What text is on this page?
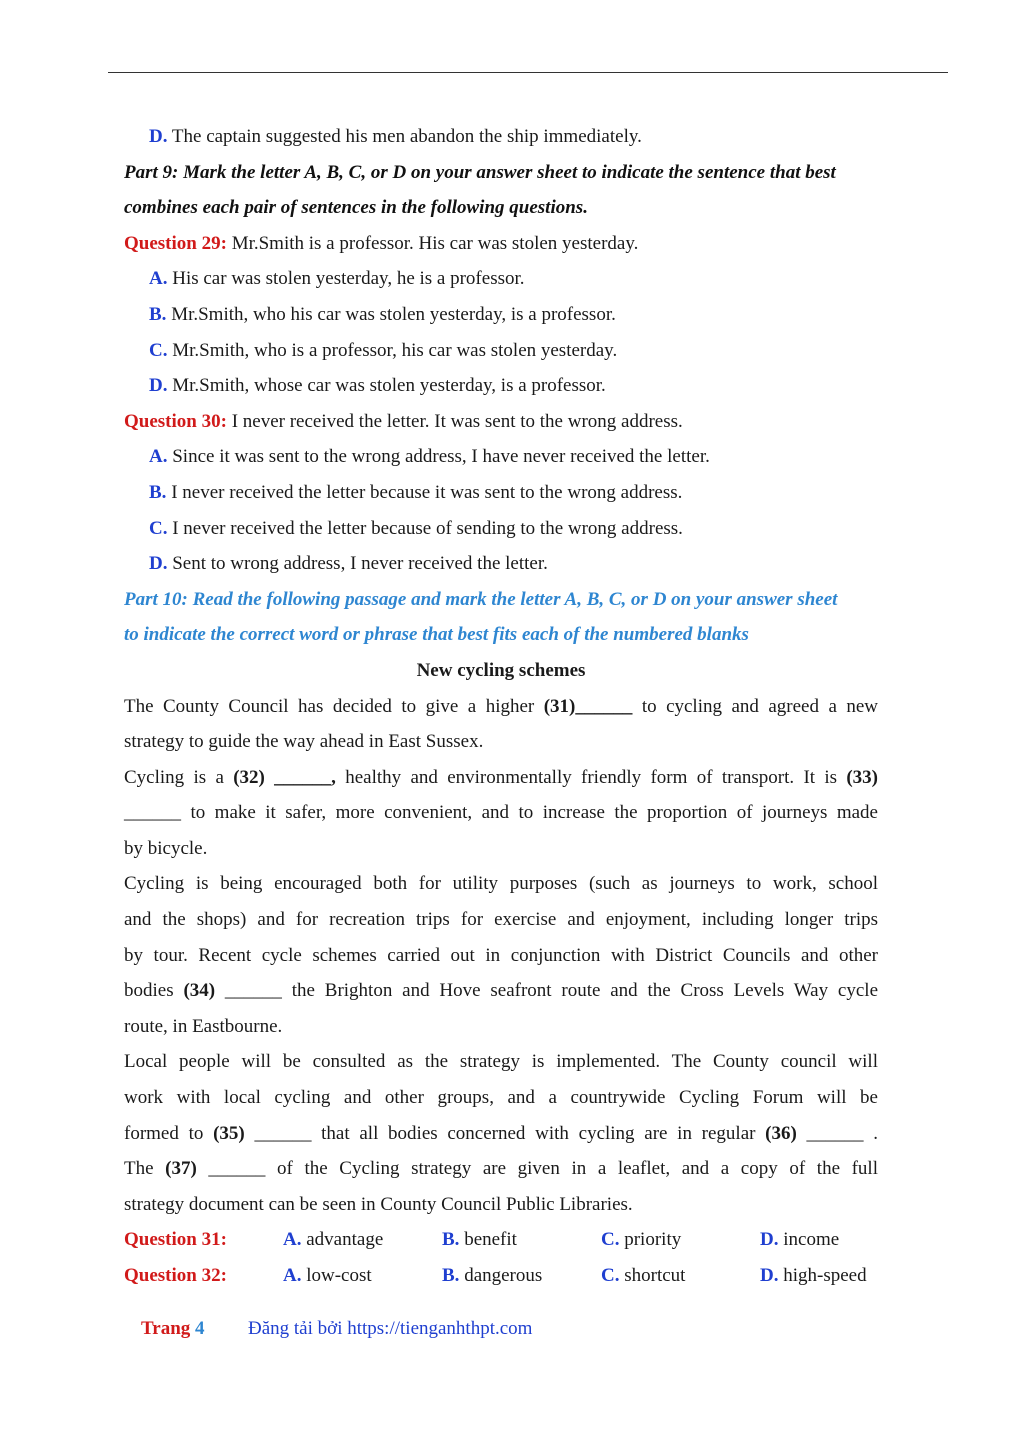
D. The captain suggested his men abandon the ship immediately.
Part 9: Mark the letter A, B, C, or D on your answer sheet to indicate the sentence that best
combines each pair of sentences in the following questions.
Question 29: Mr.Smith is a professor. His car was stolen yesterday.
A. His car was stolen yesterday, he is a professor.
B. Mr.Smith, who his car was stolen yesterday, is a professor.
C. Mr.Smith, who is a professor, his car was stolen yesterday.
D. Mr.Smith, whose car was stolen yesterday, is a professor.
Question 30: I never received the letter. It was sent to the wrong address.
A. Since it was sent to the wrong address, I have never received the letter.
B. I never received the letter because it was sent to the wrong address.
C. I never received the letter because of sending to the wrong address.
D. Sent to wrong address, I never received the letter.
Part 10: Read the following passage and mark the letter A, B, C, or D on your answer sheet
to indicate the correct word or phrase that best fits each of the numbered blanks
New cycling schemes
The County Council has decided to give a higher (31)______ to cycling and agreed a new
strategy to guide the way ahead in East Sussex.
Cycling is a (32) ______, healthy and environmentally friendly form of transport. It is (33)
______ to make it safer, more convenient, and to increase the proportion of journeys made
by bicycle.
Cycling is being encouraged both for utility purposes (such as journeys to work, school
and the shops) and for recreation trips for exercise and enjoyment, including longer trips
by tour. Recent cycle schemes carried out in conjunction with District Councils and other
bodies (34) ______ the Brighton and Hove seafront route and the Cross Levels Way cycle
route, in Eastbourne.
Local people will be consulted as the strategy is implemented. The County council will
work with local cycling and other groups, and a countrywide Cycling Forum will be
formed to (35) ______ that all bodies concerned with cycling are in regular (36) ______ .
The (37) ______ of the Cycling strategy are given in a leaflet, and a copy of the full
strategy document can be seen in County Council Public Libraries.
Question 31:	A. advantage	B. benefit	C. priority	D. income
Question 32:	A. low-cost	B. dangerous	C. shortcut	D. high-speed
Trang 4 Đăng tải bởi https://tienganhthpt.com
